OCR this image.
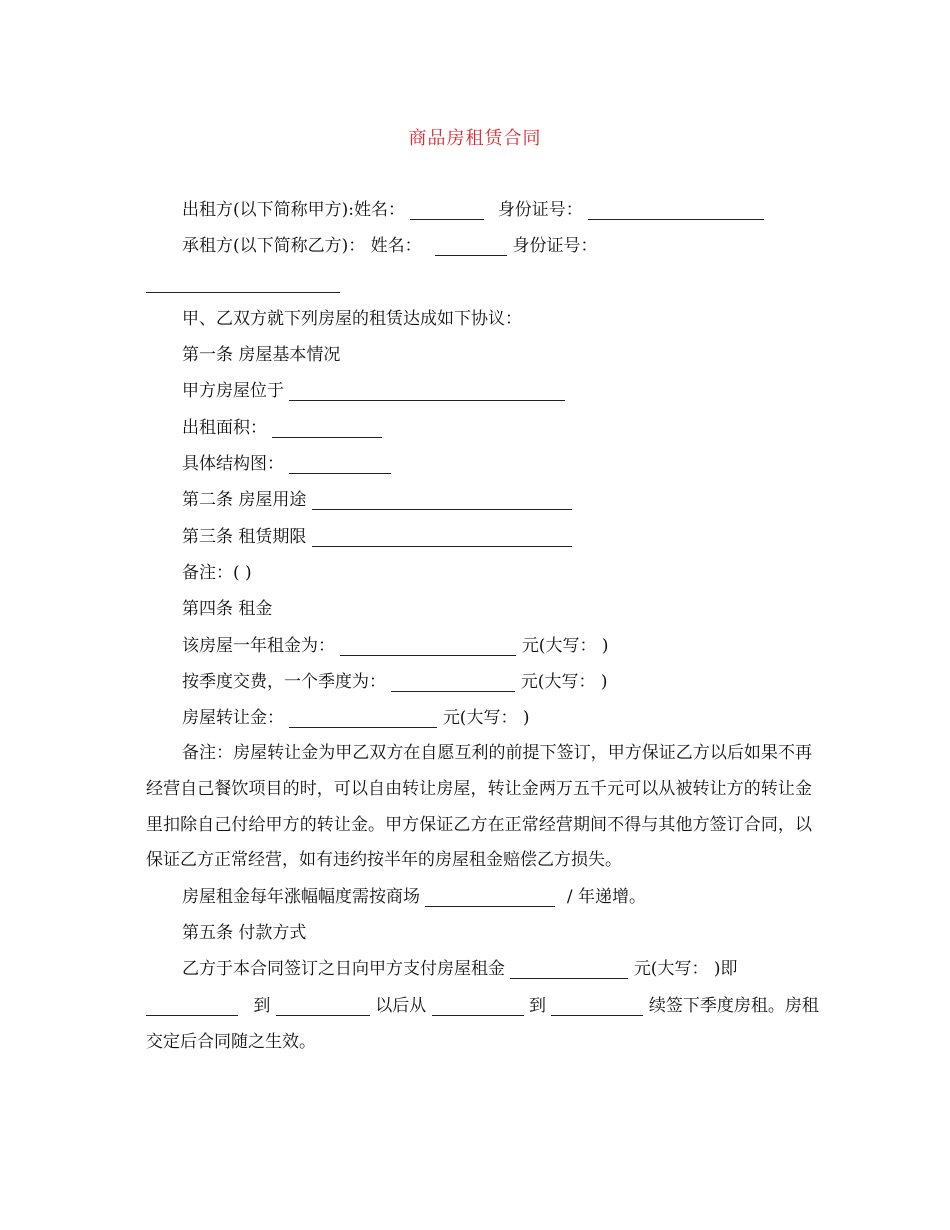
商品房租赁合同
出租方(以下简称甲方):姓名：	身份证号：
承租方(以下简称乙方)： 姓名：	身份证号：
甲、乙双方就下列房屋的租赁达成如下协议：
第一条 房屋基本情况
甲方房屋位于
出租面积：
具体结构图：
第二条 房屋用途
第三条 租赁期限
备注：( )
第四条 租金
该房屋一年租金为：	元(大写： )
按季度交费，一个季度为：	元(大写： )
房屋转让金：	元(大写： )
备注：房屋转让金为甲乙双方在自愿互利的前提下签订，甲方保证乙方以后如果不再经营自己餐饮项目的时，可以自由转让房屋，转让金两万五千元可以从被转让方的转让金里扣除自己付给甲方的转让金。甲方保证乙方在正常经营期间不得与其他方签订合同，以保证乙方正常经营，如有违约按半年的房屋租金赔偿乙方损失。
房屋租金每年涨幅幅度需按商场	/ 年递增。
第五条 付款方式
乙方于本合同签订之日向甲方支付房屋租金	元(大写： )即
到	以后从	到	续签下季度房租。房租
交定后合同随之生效。
